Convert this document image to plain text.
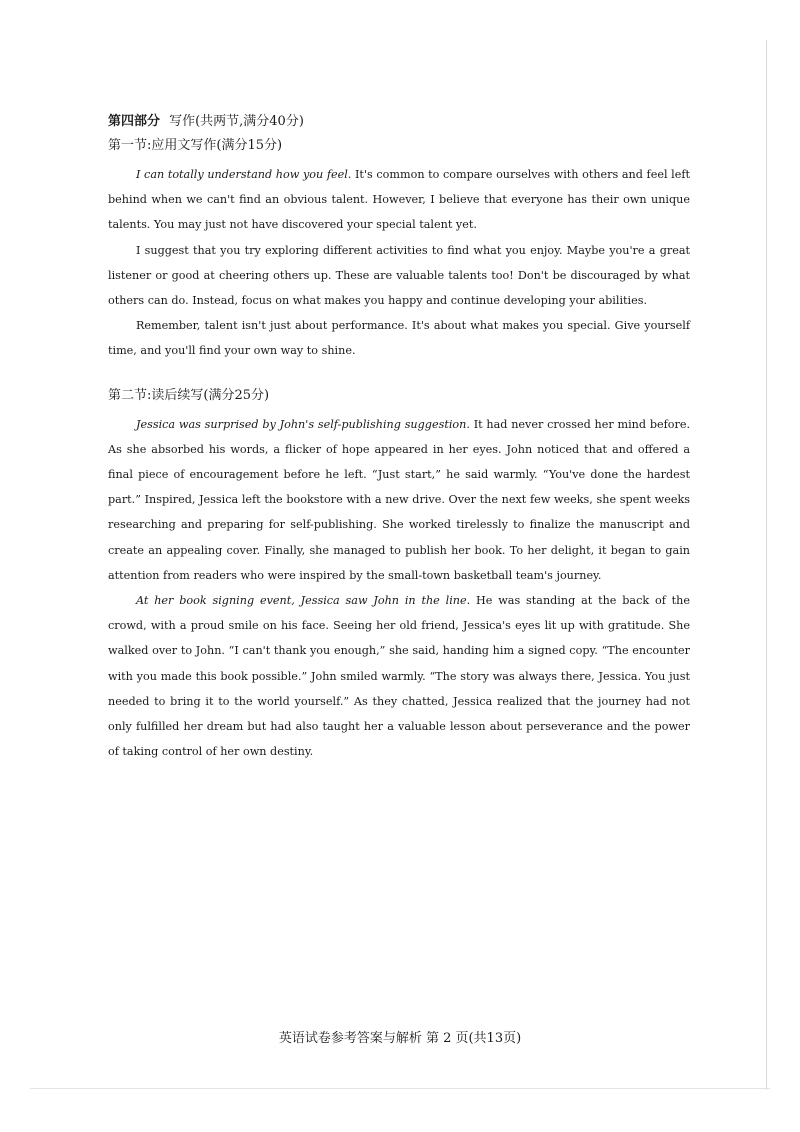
第四部分 写作(共两节,满分40分)
第一节:应用文写作(满分15分)

I can totally understand how you feel. It's common to compare ourselves with others and feel left behind when we can't find an obvious talent. However, I believe that everyone has their own unique talents. You may just not have discovered your special talent yet.

I suggest that you try exploring different activities to find what you enjoy. Maybe you're a great listener or good at cheering others up. These are valuable talents too! Don't be discouraged by what others can do. Instead, focus on what makes you happy and continue developing your abilities.

Remember, talent isn't just about performance. It's about what makes you special. Give yourself time, and you'll find your own way to shine.

第二节:读后续写(满分25分)

Jessica was surprised by John's self-publishing suggestion. It had never crossed her mind before. As she absorbed his words, a flicker of hope appeared in her eyes. John noticed that and offered a final piece of encouragement before he left. “Just start,” he said warmly. “You've done the hardest part.” Inspired, Jessica left the bookstore with a new drive. Over the next few weeks, she spent weeks researching and preparing for self-publishing. She worked tirelessly to finalize the manuscript and create an appealing cover. Finally, she managed to publish her book. To her delight, it began to gain attention from readers who were inspired by the small-town basketball team's journey.

At her book signing event, Jessica saw John in the line. He was standing at the back of the crowd, with a proud smile on his face. Seeing her old friend, Jessica's eyes lit up with gratitude. She walked over to John. “I can't thank you enough,” she said, handing him a signed copy. “The encounter with you made this book possible.” John smiled warmly. “The story was always there, Jessica. You just needed to bring it to the world yourself.” As they chatted, Jessica realized that the journey had not only fulfilled her dream but had also taught her a valuable lesson about perseverance and the power of taking control of her own destiny.

英语试卷参考答案与解析 第 2 页(共13页)
